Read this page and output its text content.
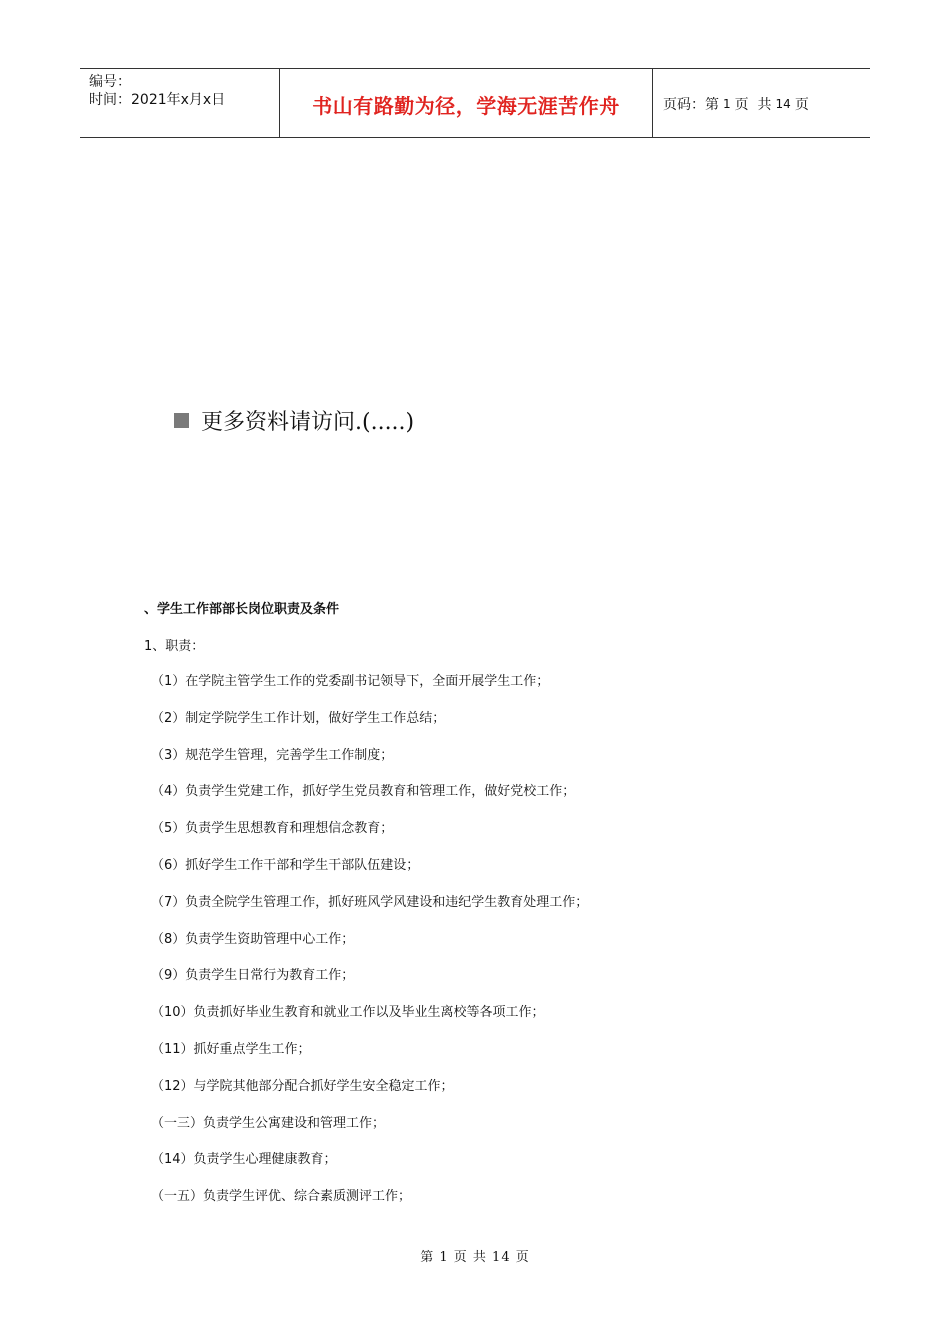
编号：
时间：2021年x月x日	书山有路勤为径，学海无涯苦作舟	页码：第 1 页  共 14 页
更多资料请访问.(.....)
、学生工作部部长岗位职责及条件
1、职责：
（1）在学院主管学生工作的党委副书记领导下，全面开展学生工作；
（2）制定学院学生工作计划，做好学生工作总结；
（3）规范学生管理，完善学生工作制度；
（4）负责学生党建工作，抓好学生党员教育和管理工作，做好党校工作；
（5）负责学生思想教育和理想信念教育；
（6）抓好学生工作干部和学生干部队伍建设；
（7）负责全院学生管理工作，抓好班风学风建设和违纪学生教育处理工作；
（8）负责学生资助管理中心工作；
（9）负责学生日常行为教育工作；
（10）负责抓好毕业生教育和就业工作以及毕业生离校等各项工作；
（11）抓好重点学生工作；
（12）与学院其他部分配合抓好学生安全稳定工作；
（一三）负责学生公寓建设和管理工作；
（14）负责学生心理健康教育；
（一五）负责学生评优、综合素质测评工作；
第 1 页 共 14 页
